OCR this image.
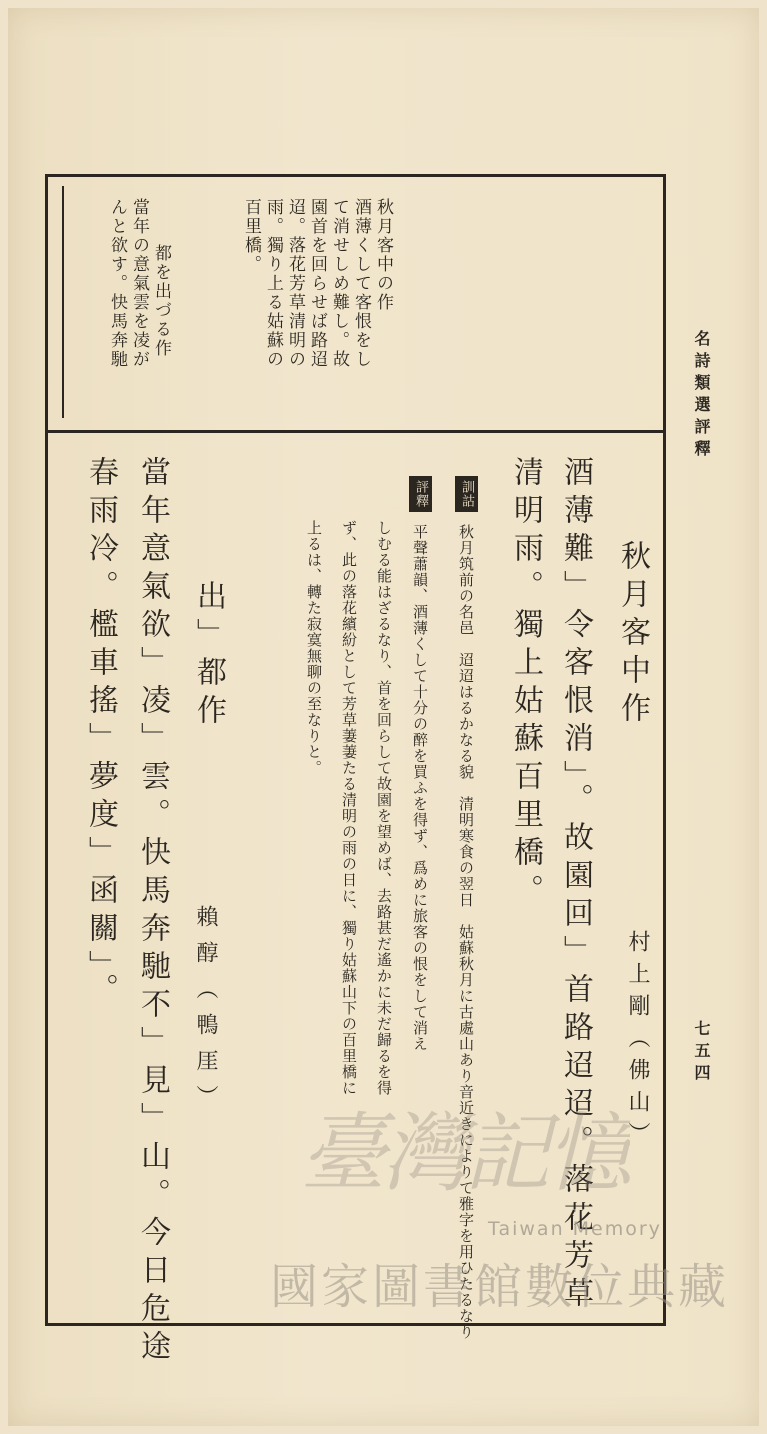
名詩類選評釋
七五四
秋月客中の作
酒薄くして客恨をし
て消せしめ難し。故
園首を回らせば路迢
迢。落花芳草清明の
雨。獨り上る姑蘇の
百里橋。
都を出づる作
當年の意氣雲を凌が
んと欲す。快馬奔馳
秋月客中作
村上剛（佛山）
酒薄難」令客恨消」。故園回」首路迢迢。落花芳草
清明雨。獨上姑蘇百里橋。
訓詁 秋月筑前の名邑　迢迢はるかなる貌　清明寒食の翌日　姑蘇秋月に古處山あり音近きによりて雅字を用ひたるなり
評釋 平聲蕭韻、酒薄くして十分の醉を買ふを得ず、爲めに旅客の恨をして消え
しむる能はざるなり、首を回らして故園を望めば、去路甚だ遙かに未だ歸るを得
ず、此の落花繽紛として芳草萋萋たる清明の雨の日に、獨り姑蘇山下の百里橋に
上るは、轉た寂寞無聊の至なりと。
出」都作
賴醇（鴨厓）
當年意氣欲」凌」雲。快馬奔馳不」見」山。今日危途
春雨冷。檻車搖」夢度」函關」。
臺灣記憶
Taiwan Memory
國家圖書館數位典藏
